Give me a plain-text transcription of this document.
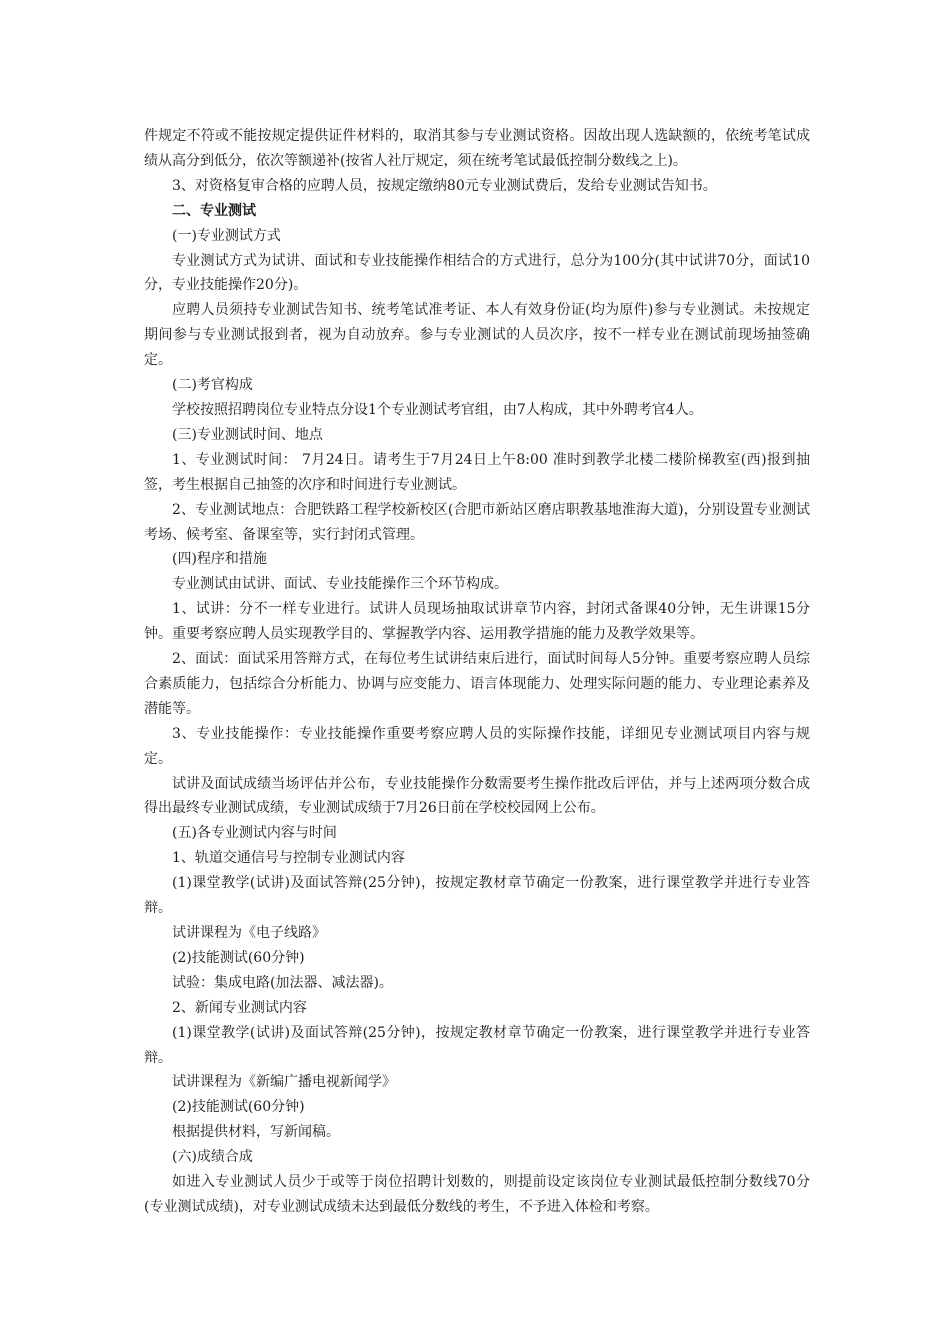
件规定不符或不能按规定提供证件材料的，取消其参与专业测试资格。因故出现人选缺额的，依统考笔试成绩从高分到低分，依次等额递补(按省人社厅规定，须在统考笔试最低控制分数线之上)。

3、对资格复审合格的应聘人员，按规定缴纳80元专业测试费后，发给专业测试告知书。

二、专业测试

(一)专业测试方式

专业测试方式为试讲、面试和专业技能操作相结合的方式进行，总分为100分(其中试讲70分，面试10分，专业技能操作20分)。

应聘人员须持专业测试告知书、统考笔试准考证、本人有效身份证(均为原件)参与专业测试。未按规定期间参与专业测试报到者，视为自动放弃。参与专业测试的人员次序，按不一样专业在测试前现场抽签确定。

(二)考官构成

学校按照招聘岗位专业特点分设1个专业测试考官组，由7人构成，其中外聘考官4人。

(三)专业测试时间、地点

1、专业测试时间： 7月24日。请考生于7月24日上午8:00 准时到教学北楼二楼阶梯教室(西)报到抽签，考生根据自己抽签的次序和时间进行专业测试。

2、专业测试地点：合肥铁路工程学校新校区(合肥市新站区磨店职教基地淮海大道)，分别设置专业测试考场、候考室、备课室等，实行封闭式管理。

(四)程序和措施

专业测试由试讲、面试、专业技能操作三个环节构成。

1、试讲：分不一样专业进行。试讲人员现场抽取试讲章节内容，封闭式备课40分钟，无生讲课15分钟。重要考察应聘人员实现教学目的、掌握教学内容、运用教学措施的能力及教学效果等。

2、面试：面试采用答辩方式，在每位考生试讲结束后进行，面试时间每人5分钟。重要考察应聘人员综合素质能力，包括综合分析能力、协调与应变能力、语言体现能力、处理实际问题的能力、专业理论素养及潜能等。

3、专业技能操作：专业技能操作重要考察应聘人员的实际操作技能，详细见专业测试项目内容与规定。

试讲及面试成绩当场评估并公布，专业技能操作分数需要考生操作批改后评估，并与上述两项分数合成得出最终专业测试成绩，专业测试成绩于7月26日前在学校校园网上公布。

(五)各专业测试内容与时间

1、轨道交通信号与控制专业测试内容

(1)课堂教学(试讲)及面试答辩(25分钟)，按规定教材章节确定一份教案，进行课堂教学并进行专业答辩。

试讲课程为《电子线路》

(2)技能测试(60分钟)

试验：集成电路(加法器、减法器)。

2、新闻专业测试内容

(1)课堂教学(试讲)及面试答辩(25分钟)，按规定教材章节确定一份教案，进行课堂教学并进行专业答辩。

试讲课程为《新编广播电视新闻学》

(2)技能测试(60分钟)

根据提供材料，写新闻稿。

(六)成绩合成

如进入专业测试人员少于或等于岗位招聘计划数的，则提前设定该岗位专业测试最低控制分数线70分(专业测试成绩)，对专业测试成绩未达到最低分数线的考生，不予进入体检和考察。
